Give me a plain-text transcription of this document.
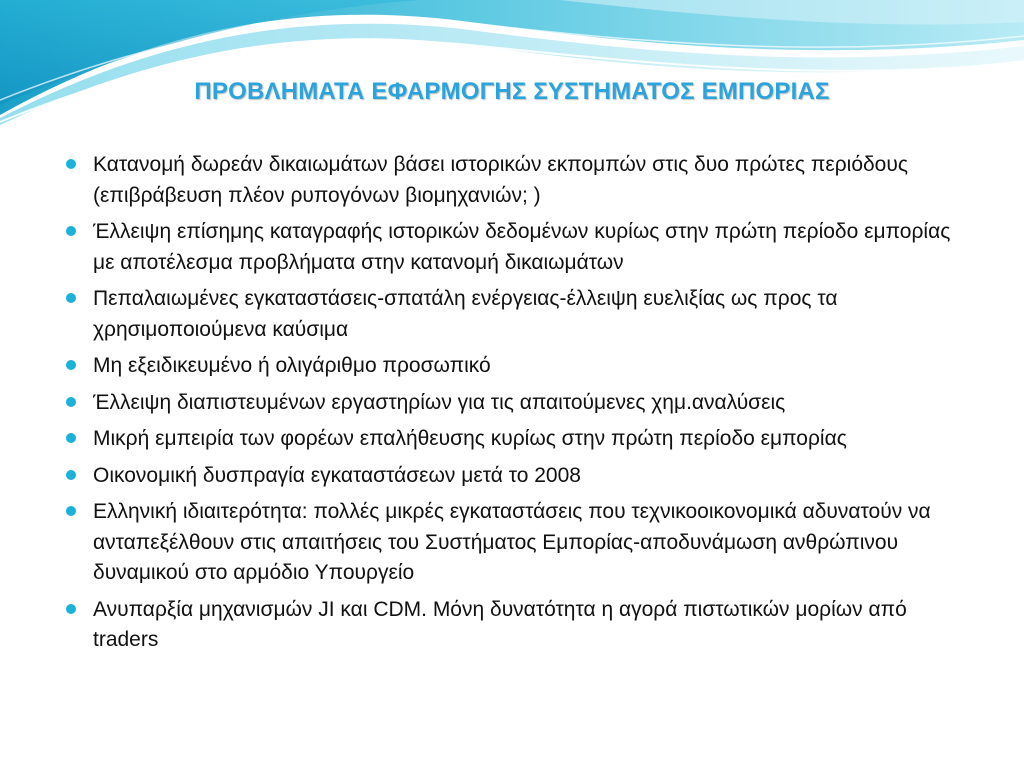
ΠΡΟΒΛΗΜΑΤΑ ΕΦΑΡΜΟΓΗΣ ΣΥΣΤΗΜΑΤΟΣ ΕΜΠΟΡΙΑΣ
Κατανομή δωρεάν δικαιωμάτων βάσει ιστορικών εκπομπών στις δυο πρώτες περιόδους (επιβράβευση πλέον ρυπογόνων βιομηχανιών; )
Έλλειψη επίσημης καταγραφής ιστορικών δεδομένων κυρίως στην πρώτη περίοδο εμπορίας με αποτέλεσμα προβλήματα στην κατανομή δικαιωμάτων
Πεπαλαιωμένες εγκαταστάσεις-σπατάλη ενέργειας-έλλειψη ευελιξίας ως προς τα χρησιμοποιούμενα καύσιμα
Μη εξειδικευμένο ή ολιγάριθμο προσωπικό
Έλλειψη διαπιστευμένων εργαστηρίων για τις απαιτούμενες χημ.αναλύσεις
Μικρή εμπειρία των φορέων επαλήθευσης κυρίως στην πρώτη περίοδο εμπορίας
Οικονομική δυσπραγία εγκαταστάσεων μετά το 2008
Ελληνική ιδιαιτερότητα: πολλές μικρές εγκαταστάσεις που τεχνικοοικονομικά αδυνατούν να ανταπεξέλθουν στις απαιτήσεις του Συστήματος Εμπορίας-αποδυνάμωση ανθρώπινου δυναμικού στο αρμόδιο Υπουργείο
Ανυπαρξία μηχανισμών JI και CDM. Μόνη δυνατότητα η αγορά πιστωτικών μορίων από traders
